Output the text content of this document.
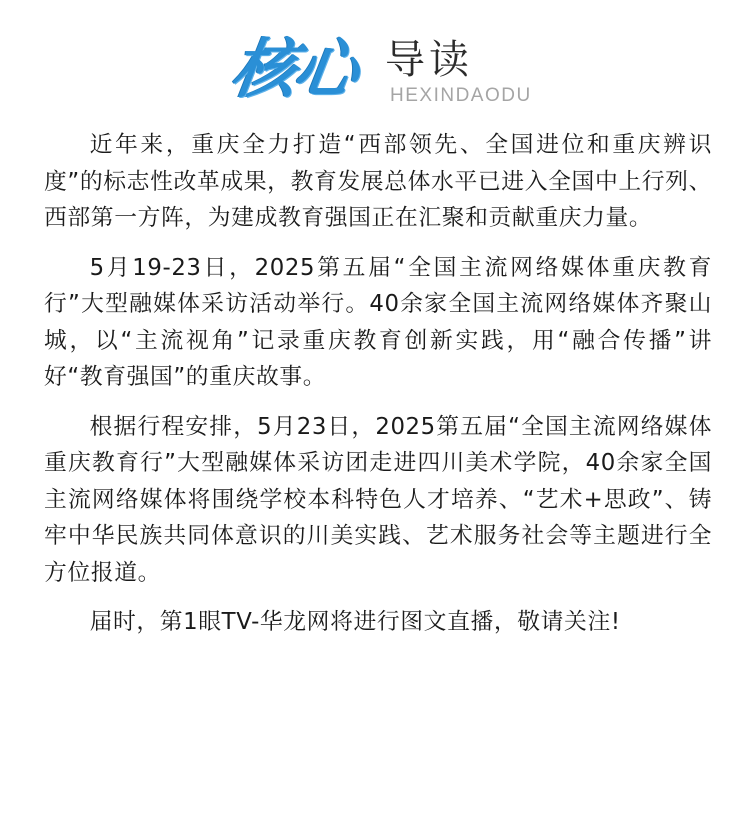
核心 导读
HEXINDAODU

近年来，重庆全力打造“西部领先、全国进位和重庆辨识度”的标志性改革成果，教育发展总体水平已进入全国中上行列、西部第一方阵，为建成教育强国正在汇聚和贡献重庆力量。

5月19-23日，2025第五届“全国主流网络媒体重庆教育行”大型融媒体采访活动举行。40余家全国主流网络媒体齐聚山城，以“主流视角”记录重庆教育创新实践，用“融合传播”讲好“教育强国”的重庆故事。

根据行程安排，5月23日，2025第五届“全国主流网络媒体重庆教育行”大型融媒体采访团走进四川美术学院，40余家全国主流网络媒体将围绕学校本科特色人才培养、“艺术+思政”、铸牢中华民族共同体意识的川美实践、艺术服务社会等主题进行全方位报道。

届时，第1眼TV-华龙网将进行图文直播，敬请关注!
